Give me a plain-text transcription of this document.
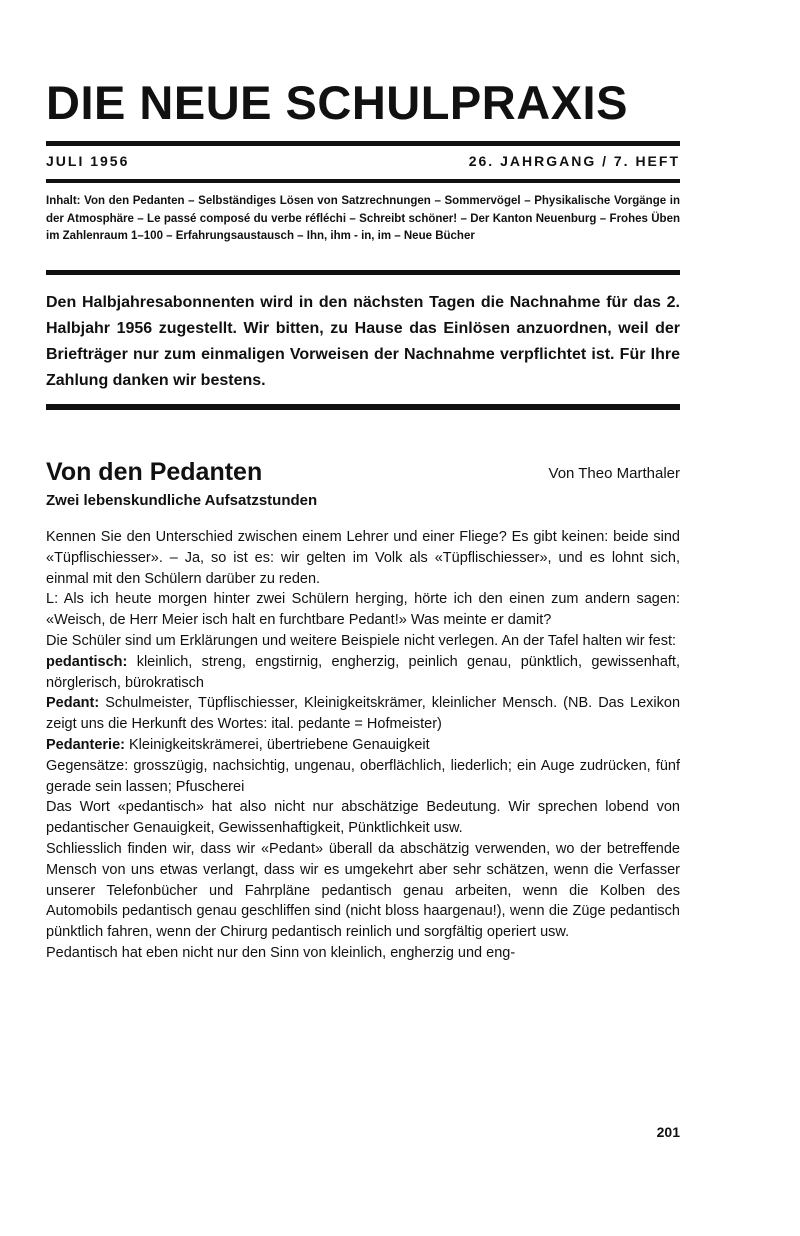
DIE NEUE SCHULPRAXIS
JULI 1956	26. JAHRGANG / 7. HEFT
Inhalt: Von den Pedanten – Selbständiges Lösen von Satzrechnungen – Sommervögel – Physikalische Vorgänge in der Atmosphäre – Le passé composé du verbe réfléchi – Schreibt schöner! – Der Kanton Neuenburg – Frohes Üben im Zahlenraum 1–100 – Erfahrungsaustausch – Ihn, ihm - in, im – Neue Bücher
Den Halbjahresabonnenten wird in den nächsten Tagen die Nachnahme für das 2. Halbjahr 1956 zugestellt. Wir bitten, zu Hause das Einlösen anzuordnen, weil der Briefträger nur zum einmaligen Vorweisen der Nachnahme verpflichtet ist. Für Ihre Zahlung danken wir bestens.
Von den Pedanten	Von Theo Marthaler
Zwei lebenskundliche Aufsatzstunden

Kennen Sie den Unterschied zwischen einem Lehrer und einer Fliege? Es gibt keinen: beide sind «Tüpflischiesser». – Ja, so ist es: wir gelten im Volk als «Tüpflischiesser», und es lohnt sich, einmal mit den Schülern darüber zu reden.

L: Als ich heute morgen hinter zwei Schülern herging, hörte ich den einen zum andern sagen: «Weisch, de Herr Meier isch halt en furchtbare Pedant!» Was meinte er damit?

Die Schüler sind um Erklärungen und weitere Beispiele nicht verlegen. An der Tafel halten wir fest:

pedantisch: kleinlich, streng, engstirnig, engherzig, peinlich genau, pünktlich, gewissenhaft, nörglerisch, bürokratisch

Pedant: Schulmeister, Tüpflischiesser, Kleinigkeitskrämer, kleinlicher Mensch. (NB. Das Lexikon zeigt uns die Herkunft des Wortes: ital. pedante = Hofmeister)

Pedanterie: Kleinigkeitskrämerei, übertriebene Genauigkeit

Gegensätze: grosszügig, nachsichtig, ungenau, oberflächlich, liederlich; ein Auge zudrücken, fünf gerade sein lassen; Pfuscherei

Das Wort «pedantisch» hat also nicht nur abschätzige Bedeutung. Wir sprechen lobend von pedantischer Genauigkeit, Gewissenhaftigkeit, Pünktlichkeit usw.

Schliesslich finden wir, dass wir «Pedant» überall da abschätzig verwenden, wo der betreffende Mensch von uns etwas verlangt, dass wir es umgekehrt aber sehr schätzen, wenn die Verfasser unserer Telefonbücher und Fahrpläne pedantisch genau arbeiten, wenn die Kolben des Automobils pedantisch genau geschliffen sind (nicht bloss haargenau!), wenn die Züge pedantisch pünktlich fahren, wenn der Chirurg pedantisch reinlich und sorgfältig operiert usw.

Pedantisch hat eben nicht nur den Sinn von kleinlich, engherzig und eng-

201
